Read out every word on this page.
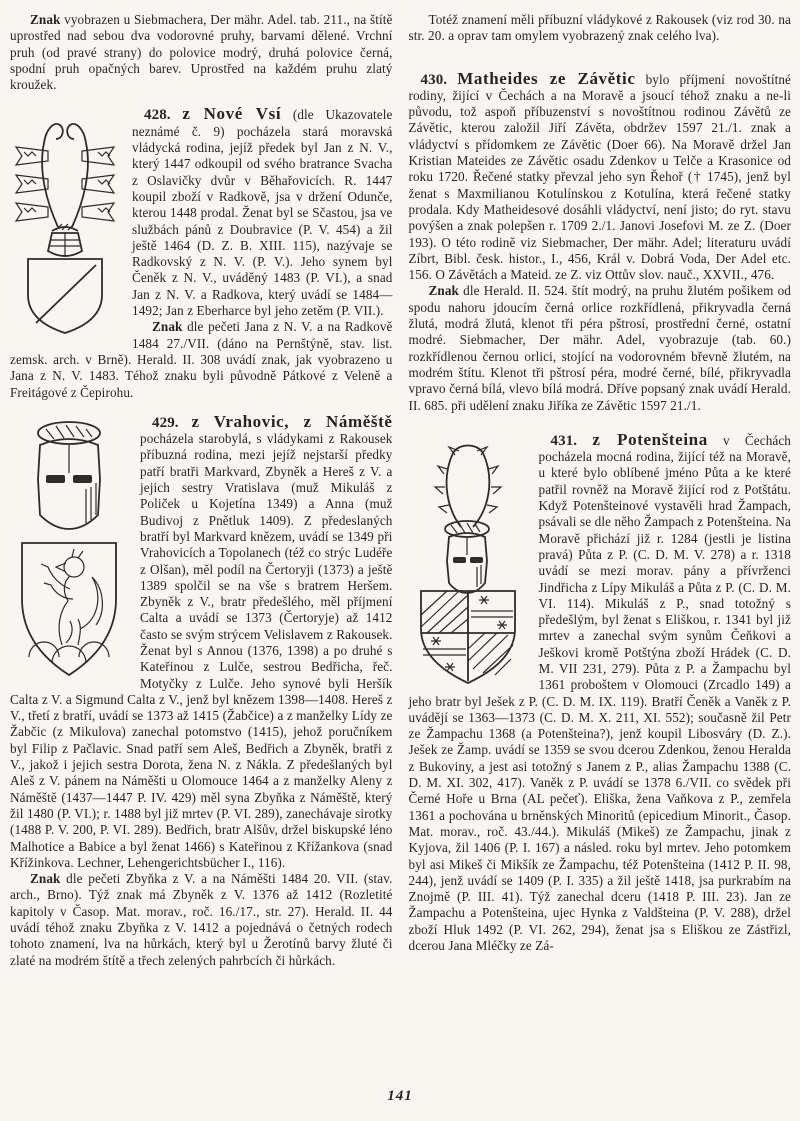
Znak vyobrazen u Siebmachera, Der mähr. Adel. tab. 211., na štítě uprostřed nad sebou dva vodorovné pruhy, barvami dělené. Vrchní pruh (od pravé strany) do polovice modrý, druhá polovice černá, spodní pruh opačných barev. Uprostřed na každém pruhu zlatý kroužek.

428. z Nové Vsí (dle Ukazovatele neznámé č. 9) pocházela stará moravská vládycká rodina, jejíž předek byl Jan z N. V., který 1447 odkoupil od svého bratrance Svacha z Oslavičky dvůr v Běhařovicích. R. 1447 koupil zboží v Radkově, jsa v držení Odunče, kterou 1448 prodal. Ženat byl se Sčastou, jsa ve službách pánů z Doubravice (P. V. 454) a žil ještě 1464 (D. Z. B. XIII. 115), nazývaje se Radkovský z N. V. (P. V.). Jeho synem byl Čeněk z N. V., uváděný 1483 (P. VI.), a snad Jan z N. V. a Radkova, který uvádí se 1484—1492; Jan z Eberharce byl jeho zetěm (P. VII.).

Znak dle pečeti Jana z N. V. a na Radkově 1484 27./VII. (dáno na Pernštýně, stav. list. zemsk. arch. v Brně). Herald. II. 308 uvádí znak, jak vyobrazeno u Jana z N. V. 1483. Téhož znaku byli původně Pátkové z Veleně a Freitágové z Čepirohu.

429. z Vrahovic, z Náměště
pocházela starobylá, s vládykami z Rakousek příbuzná rodina, mezi jejíž nejstarší předky patří bratři Markvard, Zbyněk a Hereš z V. a jejich sestry Vratislava (muž Mikuláš z Poliček u Kojetína 1349) a Anna (muž Budivoj z Pnětluk 1409). Z předeslaných bratří byl Markvard knězem, uvádí se 1349 při Vrahovicích a Topolanech (též co strýc Ludéře z Olšan), měl podíl na Čertoryji (1373) a ještě 1389 spolčil se na vše s bratrem Heršem. Zbyněk z V., bratr předešlého, měl příjmení Calta a uvádí se 1373 (Čertoryje) až 1412 často se svým strýcem Velislavem z Rakousek. Ženat byl s Annou (1376, 1398) a po druhé s Kateřinou z Lulče, sestrou Bedřicha, řeč. Motyčky z Lulče. Jeho synové byli Heršík Calta z V. a Sigmund Calta z V., jenž byl knězem 1398—1408. Hereš z V., třetí z bratří, uvádí se 1373 až 1415 (Žabčice) a z manželky Lídy ze Žabčic (z Mikulova) zanechal potomstvo (1415), jehož poručníkem byl Filip z Pačlavic. Snad patří sem Aleš, Bedřich a Zbyněk, bratři z V., jakož i jejich sestra Dorota, žena N. z Nákla. Z předešlaných byl Aleš z V. pánem na Náměšti u Olomouce 1464 a z manželky Aleny z Náměště (1437—1447 P. IV. 429) měl syna Zbyňka z Náměště, který žil 1480 (P. VI.); r. 1488 byl již mrtev (P. VI. 289), zanechávaje sirotky (1488 P. V. 200, P. VI. 289). Bedřich, bratr Alšův, držel biskupské léno Malhotice a Babice a byl ženat 1466) s Kateřinou z Křížankova (snad Křížinkova. Lechner, Lehengerichtsbücher I., 116).

Znak dle pečeti Zbyňka z V. a na Náměšti 1484 20. VII. (stav. arch., Brno). Týž znak má Zbyněk z V. 1376 až 1412 (Rozletité kapitoly v Časop. Mat. morav., roč. 16./17., str. 27). Herald. II. 44 uvádí téhož znaku Zbyňka z V. 1412 a pojednává o četných rodech tohoto znamení, lva na hůrkách, který byl u Žerotínů barvy žluté či zlaté na modrém štítě a třech zelených pahrbcích či hůrkách.

Totéž znamení měli příbuzní vládykové z Rakousek (viz rod 30. na str. 20. a oprav tam omylem vyobrazený znak celého lva).

430. Matheides ze Závětic bylo příjmení novoštítné rodiny, žijící v Čechách a na Moravě a jsoucí téhož znaku a ne-li původu, tož aspoň příbuzenství s novoštítnou rodinou Závětů ze Závětic, kterou založil Jiří Závěta, obdržev 1597 21./1. znak a vládyctví s přídomkem ze Závětic (Doer 66). Na Moravě držel Jan Kristian Mateides ze Závětic osadu Zdenkov u Telče a Krasonice od roku 1720. Řečené statky převzal jeho syn Řehoř († 1745), jenž byl ženat s Maxmilianou Kotulínskou z Kotulína, která řečené statky prodala. Kdy Matheidesové dosáhli vládyctví, není jisto; do ryt. stavu povýšen a znak polepšen r. 1709 2./1. Janovi Josefovi M. ze Z. (Doer 193). O této rodině viz Siebmacher, Der mähr. Adel; literaturu uvádí Zíbrt, Bibl. česk. histor., I., 456, Král v. Dobrá Voda, Der Adel etc. 156. O Závětách a Mateid. ze Z. viz Ottův slov. nauč., XXVII., 476.

Znak dle Herald. II. 524. štít modrý, na pruhu žlutém pošikem od spodu nahoru jdoucím černá orlice rozkřídlená, přikryvadla černá žlutá, modrá žlutá, klenot tři péra pštrosí, prostřední černé, ostatní modré. Siebmacher, Der mähr. Adel, vyobrazuje (tab. 60.) rozkřídlenou černou orlici, stojící na vodorovném břevně žlutém, na modrém štítu. Klenot tři pštrosí péra, modré černé, bílé, přikryvadla vpravo černá bílá, vlevo bílá modrá. Dříve popsaný znak uvádí Herald. II. 685. při udělení znaku Jiříka ze Závětic 1597 21./1.

431. z Potenšteina v Čechách pocházela mocná rodina, žijící též na Moravě, u které bylo oblíbené jméno Půta a ke které patřil rovněž na Moravě žijící rod z Potštátu. Když Potenšteinové vystavěli hrad Žampach, psávali se dle něho Žampach z Potenšteina. Na Moravě přichází již r. 1284 (jestli je listina pravá) Půta z P. (C. D. M. V. 278) a r. 1318 uvádí se mezi morav. pány a přívrženci Jindřicha z Lípy Mikuláš a Půta z P. (C. D. M. VI. 114). Mikuláš z P., snad totožný s předešlým, byl ženat s Eliškou, r. 1341 byl již mrtev a zanechal svým synům Čeňkovi a Ješkovi kromě Potštýna zboží Hrádek (C. D. M. VII 231, 279). Půta z P. a Žampachu byl 1361 proboštem v Olomouci (Zrcadlo 149) a jeho bratr byl Ješek z P. (C. D. M. IX. 119). Bratří Čeněk a Vaněk z P. uvádějí se 1363—1373 (C. D. M. X. 211, XI. 552); současně žil Petr ze Žampachu 1368 (a Potenšteina?), jenž koupil Libosváry (D. Z.). Ješek ze Žamp. uvádí se 1359 se svou dcerou Zdenkou, ženou Heralda z Bukoviny, a jest asi totožný s Janem z P., alias Žampachu 1388 (C. D. M. XI. 302, 417). Vaněk z P. uvádí se 1378 6./VII. co svědek při Černé Hoře u Brna (AL pečeť). Eliška, žena Vaňkova z P., zemřela 1361 a pochována u brněnských Minoritů (epicedium Minorit., Časop. Mat. morav., roč. 43./44.). Mikuláš (Mikeš) ze Žampachu, jinak z Kyjova, žil 1406 (P. I. 167) a násled. roku byl mrtev. Jeho potomkem byl asi Mikeš či Mikšík ze Žampachu, též Potenšteina (1412 P. II. 98, 244), jenž uvádí se 1409 (P. I. 335) a žil ještě 1418, jsa purkrabím na Znojmě (P. III. 41). Týž zanechal dceru (1418 P. III. 23). Jan ze Žampachu a Potenšteina, ujec Hynka z Valdšteina (P. V. 288), držel zboží Hluk 1492 (P. VI. 262, 294), ženat jsa s Eliškou ze Zástřizl, dcerou Jana Mléčky ze Zá-

141
